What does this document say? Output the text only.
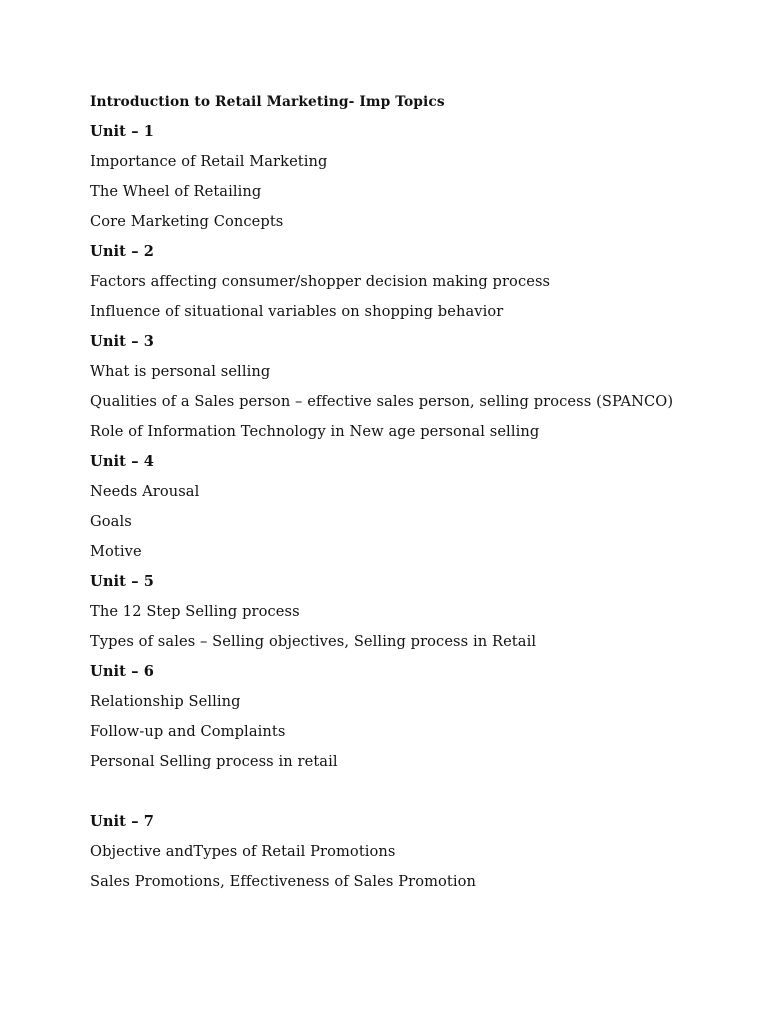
Introduction to Retail Marketing- Imp Topics
Unit – 1
Importance of Retail Marketing
The Wheel of Retailing
Core Marketing Concepts
Unit – 2
Factors affecting consumer/shopper decision making process
Influence of situational variables on shopping behavior
Unit – 3
What is personal selling
Qualities of a Sales person – effective sales person, selling process (SPANCO)
Role of Information Technology in New age personal selling
Unit – 4
Needs Arousal
Goals
Motive
Unit – 5
The 12 Step Selling process
Types of sales – Selling objectives, Selling process in Retail
Unit – 6
Relationship Selling
Follow-up and Complaints
Personal Selling process in retail
Unit – 7
Objective andTypes of Retail Promotions
Sales Promotions, Effectiveness of Sales Promotion
